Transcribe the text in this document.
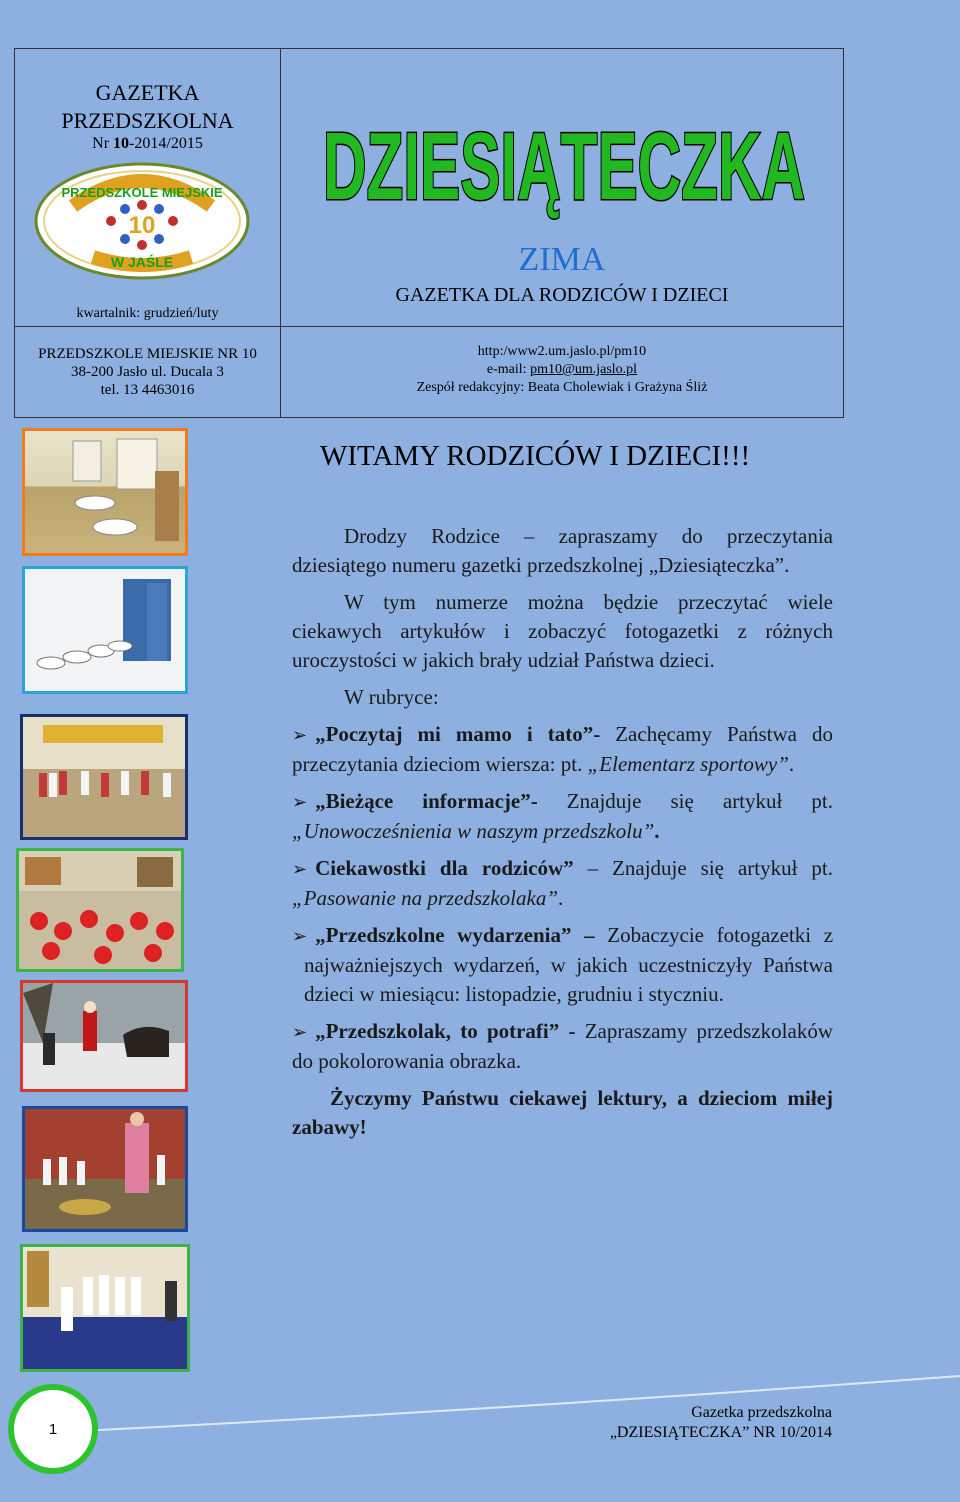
GAZETKA PRZEDSZKOLNA
Nr 10-2014/2015
PRZEDSZKOLE MIEJSKIE
10
W JAŚLE
kwartalnik: grudzień/luty
DZIESIĄTECZKA
ZIMA
GAZETKA DLA RODZICÓW I DZIECI
PRZEDSZKOLE MIEJSKIE NR 10
38-200 Jasło ul. Ducala 3
tel. 13 4463016
http:/www2.um.jaslo.pl/pm10
e-mail: pm10@um.jaslo.pl
Zespół redakcyjny: Beata Cholewiak i Grażyna Śliż
WITAMY RODZICÓW I DZIECI!!!

Drodzy Rodzice – zapraszamy do przeczytania dziesiątego numeru gazetki przedszkolnej „Dziesiąteczka”.

W tym numerze można będzie przeczytać wiele ciekawych artykułów i zobaczyć fotogazetki z różnych uroczystości w jakich brały udział Państwa dzieci.

W rubryce:

➢ „Poczytaj mi mamo i tato”- Zachęcamy Państwa do przeczytania dzieciom wiersza: pt. „Elementarz sportowy”.

➢ „Bieżące informacje”- Znajduje się artykuł pt. „Unowocześnienia w naszym przedszkolu”.

➢ Ciekawostki dla rodziców” – Znajduje się artykuł pt. „Pasowanie na przedszkolaka”.

➢ „Przedszkolne wydarzenia” – Zobaczycie fotogazetki z najważniejszych wydarzeń, w jakich uczestniczyły Państwa dzieci w miesiącu: listopadzie, grudniu i styczniu.

➢ „Przedszkolak, to potrafi” - Zapraszamy przedszkolaków do pokolorowania obrazka.

Życzymy Państwu ciekawej lektury, a dzieciom miłej zabawy!

1
Gazetka przedszkolna
„DZIESIĄTECZKA” NR 10/2014
